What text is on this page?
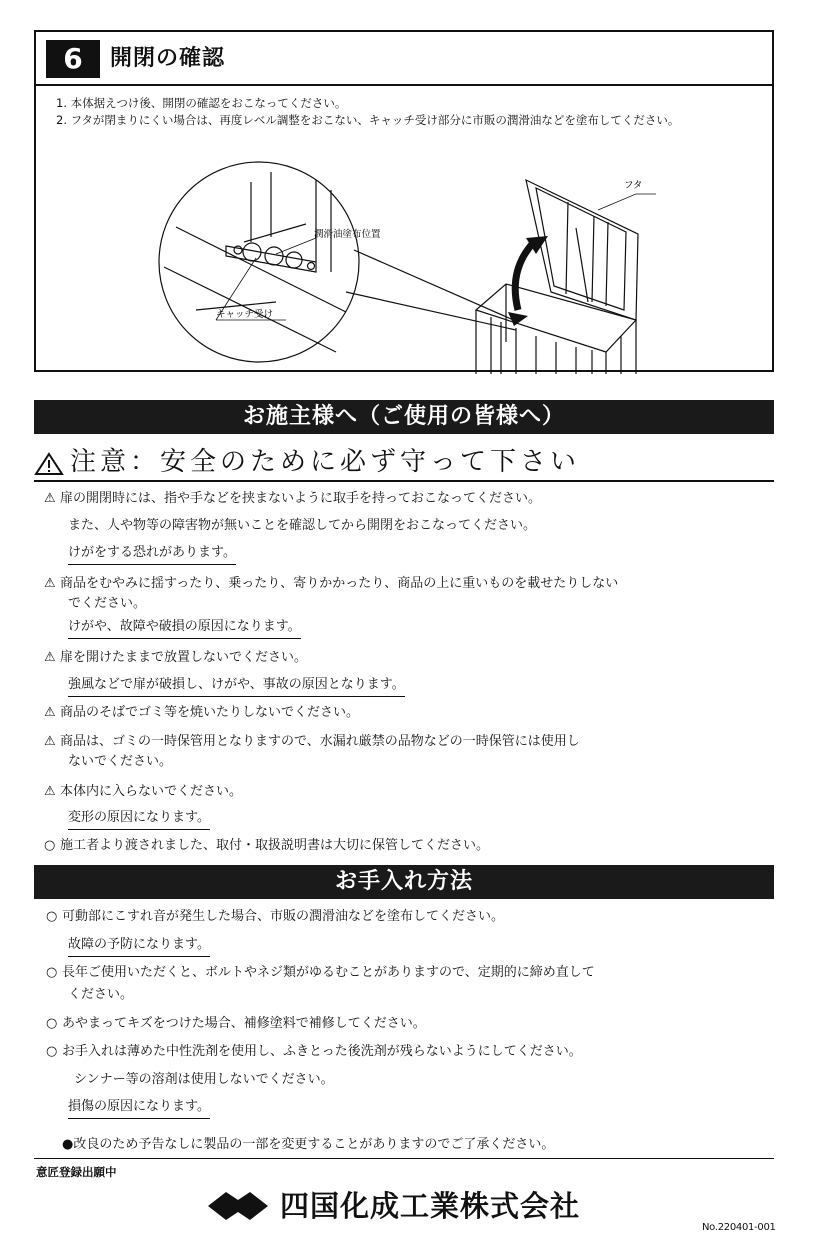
6	開閉の確認
1. 本体据えつけ後、開閉の確認をおこなってください。
2. フタが閉まりにくい場合は、再度レベル調整をおこない、キャッチ受け部分に市販の潤滑油などを塗布してください。
フタ
潤滑油塗布位置
キャッチ受け
お施主様へ（ご使用の皆様へ）
注意：安全のために必ず守って下さい
⚠ 扉の開閉時には、指や手などを挟まないように取手を持っておこなってください。
また、人や物等の障害物が無いことを確認してから開閉をおこなってください。
けがをする恐れがあります。
⚠ 商品をむやみに揺すったり、乗ったり、寄りかかったり、商品の上に重いものを載せたりしない
でください。
けがや、故障や破損の原因になります。
⚠ 扉を開けたままで放置しないでください。
強風などで扉が破損し、けがや、事故の原因となります。
⚠ 商品のそばでゴミ等を焼いたりしないでください。
⚠ 商品は、ゴミの一時保管用となりますので、水漏れ厳禁の品物などの一時保管には使用し
ないでください。
⚠ 本体内に入らないでください。
変形の原因になります。
○ 施工者より渡されました、取付・取扱説明書は大切に保管してください。
お手入れ方法
○ 可動部にこすれ音が発生した場合、市販の潤滑油などを塗布してください。
故障の予防になります。
○ 長年ご使用いただくと、ボルトやネジ類がゆるむことがありますので、定期的に締め直して
ください。
○ あやまってキズをつけた場合、補修塗料で補修してください。
○ お手入れは薄めた中性洗剤を使用し、ふきとった後洗剤が残らないようにしてください。
シンナー等の溶剤は使用しないでください。
損傷の原因になります。
●改良のため予告なしに製品の一部を変更することがありますのでご了承ください。
意匠登録出願中
四国化成工業株式会社
No.220401-001
